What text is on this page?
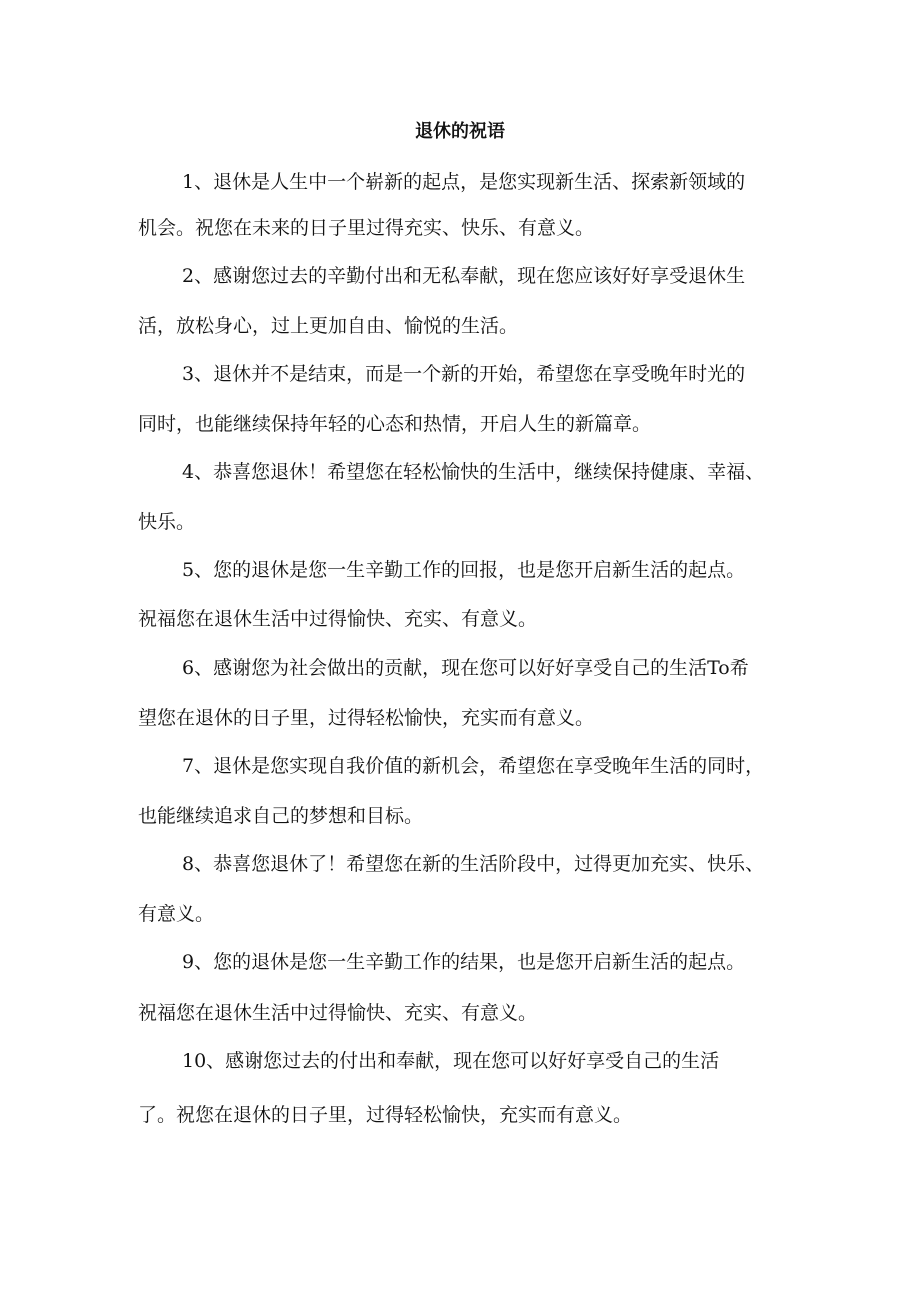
退休的祝语
1、退休是人生中一个崭新的起点，是您实现新生活、探索新领域的
机会。祝您在未来的日子里过得充实、快乐、有意义。
2、感谢您过去的辛勤付出和无私奉献，现在您应该好好享受退休生
活，放松身心，过上更加自由、愉悦的生活。
3、退休并不是结束，而是一个新的开始，希望您在享受晚年时光的
同时，也能继续保持年轻的心态和热情，开启人生的新篇章。
4、恭喜您退休！希望您在轻松愉快的生活中，继续保持健康、幸福、
快乐。
5、您的退休是您一生辛勤工作的回报，也是您开启新生活的起点。
祝福您在退休生活中过得愉快、充实、有意义。
6、感谢您为社会做出的贡献，现在您可以好好享受自己的生活To希
望您在退休的日子里，过得轻松愉快，充实而有意义。
7、退休是您实现自我价值的新机会，希望您在享受晚年生活的同时，
也能继续追求自己的梦想和目标。
8、恭喜您退休了！希望您在新的生活阶段中，过得更加充实、快乐、
有意义。
9、您的退休是您一生辛勤工作的结果，也是您开启新生活的起点。
祝福您在退休生活中过得愉快、充实、有意义。
10、感谢您过去的付出和奉献，现在您可以好好享受自己的生活
了。祝您在退休的日子里，过得轻松愉快，充实而有意义。
